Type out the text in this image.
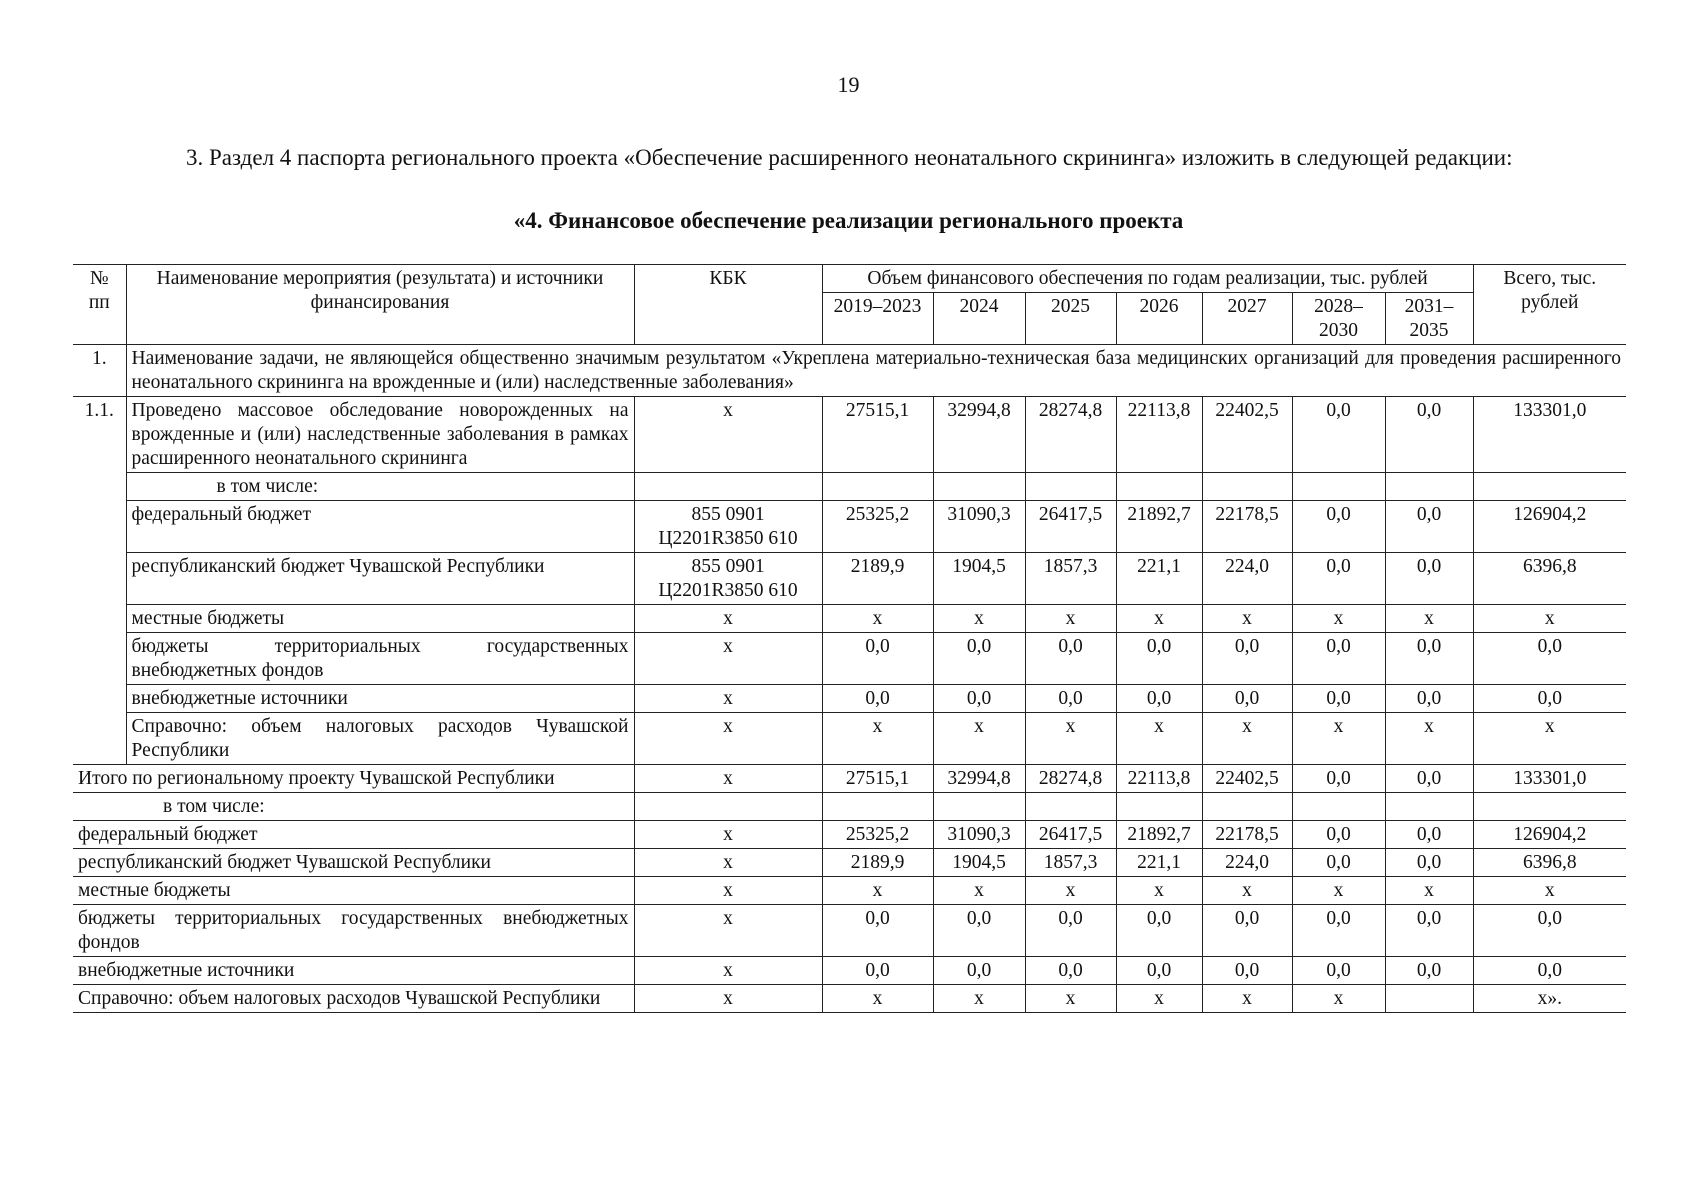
19
3. Раздел 4 паспорта регионального проекта «Обеспечение расширенного неонатального скрининга» изложить в следующей редакции:
«4. Финансовое обеспечение реализации регионального проекта
№ пп	Наименование мероприятия (результата) и источники финансирования	КБК	Объем финансового обеспечения по годам реализации, тыс. рублей							Всего, тыс. рублей
			2019–2023	2024	2025	2026	2027	2028–2030	2031–2035	
1.	Наименование задачи, не являющейся общественно значимым результатом «Укреплена материально-техническая база медицинских организаций для проведения расширенного неонатального скрининга на врожденные и (или) наследственные заболевания»									
1.1.	Проведено массовое обследование новорожденных на врожденные и (или) наследственные заболевания в рамках расширенного неонатального скрининга	х	27515,1	32994,8	28274,8	22113,8	22402,5	0,0	0,0	133301,0
	в том числе:									
	федеральный бюджет	855 0901 Ц2201R3850 610	25325,2	31090,3	26417,5	21892,7	22178,5	0,0	0,0	126904,2
	республиканский бюджет Чувашской Республики	855 0901 Ц2201R3850 610	2189,9	1904,5	1857,3	221,1	224,0	0,0	0,0	6396,8
	местные бюджеты	х	х	х	х	х	х	х	х	х
	бюджеты территориальных государственных внебюджетных фондов	х	0,0	0,0	0,0	0,0	0,0	0,0	0,0	0,0
	внебюджетные источники	х	0,0	0,0	0,0	0,0	0,0	0,0	0,0	0,0
	Справочно: объем налоговых расходов Чувашской Республики	х	х	х	х	х	х	х	х	х
Итого по региональному проекту Чувашской Республики		х	27515,1	32994,8	28274,8	22113,8	22402,5	0,0	0,0	133301,0
в том числе:										
федеральный бюджет		х	25325,2	31090,3	26417,5	21892,7	22178,5	0,0	0,0	126904,2
республиканский бюджет Чувашской Республики		х	2189,9	1904,5	1857,3	221,1	224,0	0,0	0,0	6396,8
местные бюджеты		х	х	х	х	х	х	х	х	х
бюджеты территориальных государственных внебюджетных фондов		х	0,0	0,0	0,0	0,0	0,0	0,0	0,0	0,0
внебюджетные источники		х	0,0	0,0	0,0	0,0	0,0	0,0	0,0	0,0
Справочно: объем налоговых расходов Чувашской Республики		х	х	х	х	х	х	х		х».
